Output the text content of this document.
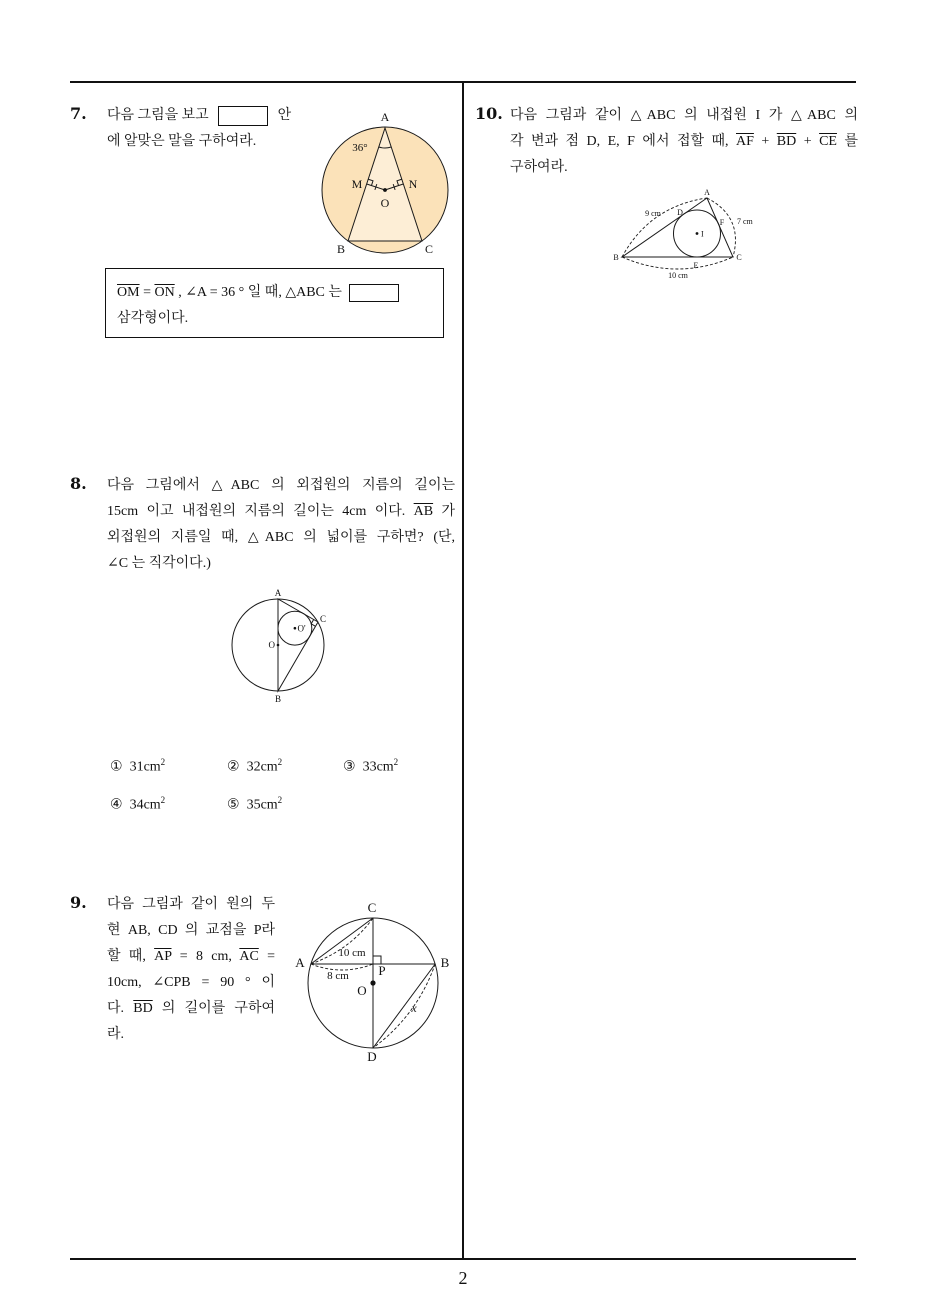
2
7. 다음 그림을 보고	안
에 알맞은 말을 구하여라.
A
B	C
M	N
O
36°
$\overline{OM} = \overline{ON}$ , ∠A = 36 ° 일 때, △ABC 는
삼각형이다.
8. 다음 그림에서 △ABC 의 외접원의 지름의 길이는
15cm 이고 내접원의 지름의 길이는 4cm 이다. $\overline{AB}$ 가
외접원의 지름일 때, △ABC 의 넓이를 구하면? (단,
∠C 는 직각이다.)
A
B
C
O
O'
① $31cm^2$	② $32cm^2$	③ $33cm^2$
④ $34cm^2$	⑤ $35cm^2$
9. 다음 그림과 같이 원의 두
현 AB, CD 의 교점을 P라
할 때, $\overline{AP} = 8$ cm, $\overline{AC}$ =
10cm, ∠CPB = 90 ° 이
다. $\overline{BD}$ 의 길이를 구하여
라.
C
D
A	B
P
O
10 cm
8 cm
x
10. 다음 그림과 같이 △ABC 의 내접원 I 가 △ABC 의
각 변과 점 D, E, F 에서 접할 때, $\overline{AF} + \overline{BD} + \overline{CE}$ 를
구하여라.
A
B	C
D
E
F
I
9 cm
7 cm
10 cm
